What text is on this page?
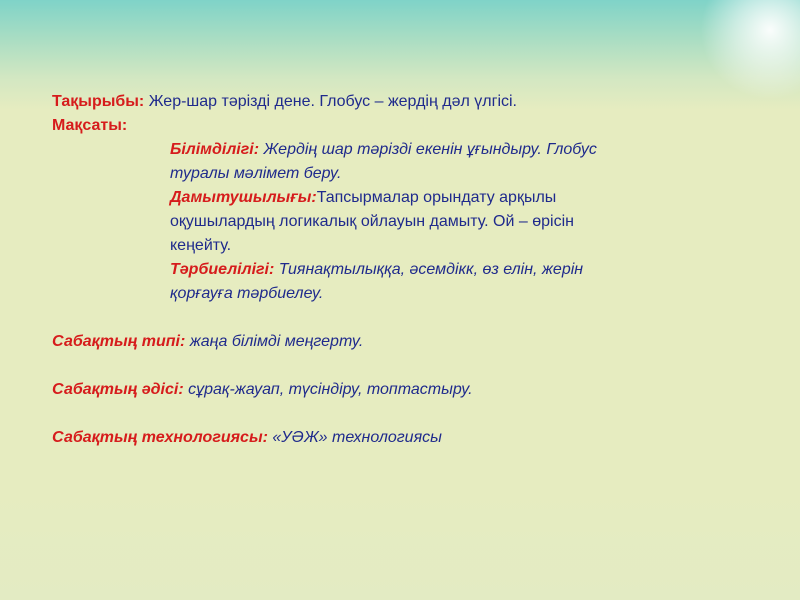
Тақырыбы: Жер-шар тәрізді дене. Глобус – жердің дәл үлгісі.

Мақсаты:

Білімділігі: Жердің шар тәрізді екенін ұғындыру. Глобус

туралы мәлімет беру.

Дамытушылығы:Тапсырмалар орындату арқылы

оқушылардың логикалық ойлауын дамыту. Ой – өрісін

кеңейту.

Тәрбиелілігі: Тиянақтылыққа, әсемдікк, өз елін, жерін

қорғауға тәрбиелеу.

Сабақтың типі: жаңа білімді меңгерту.

Сабақтың әдісі: сұрақ-жауап, түсіндіру, топтастыру.

Сабақтың технологиясы: «УӘЖ» технологиясы
